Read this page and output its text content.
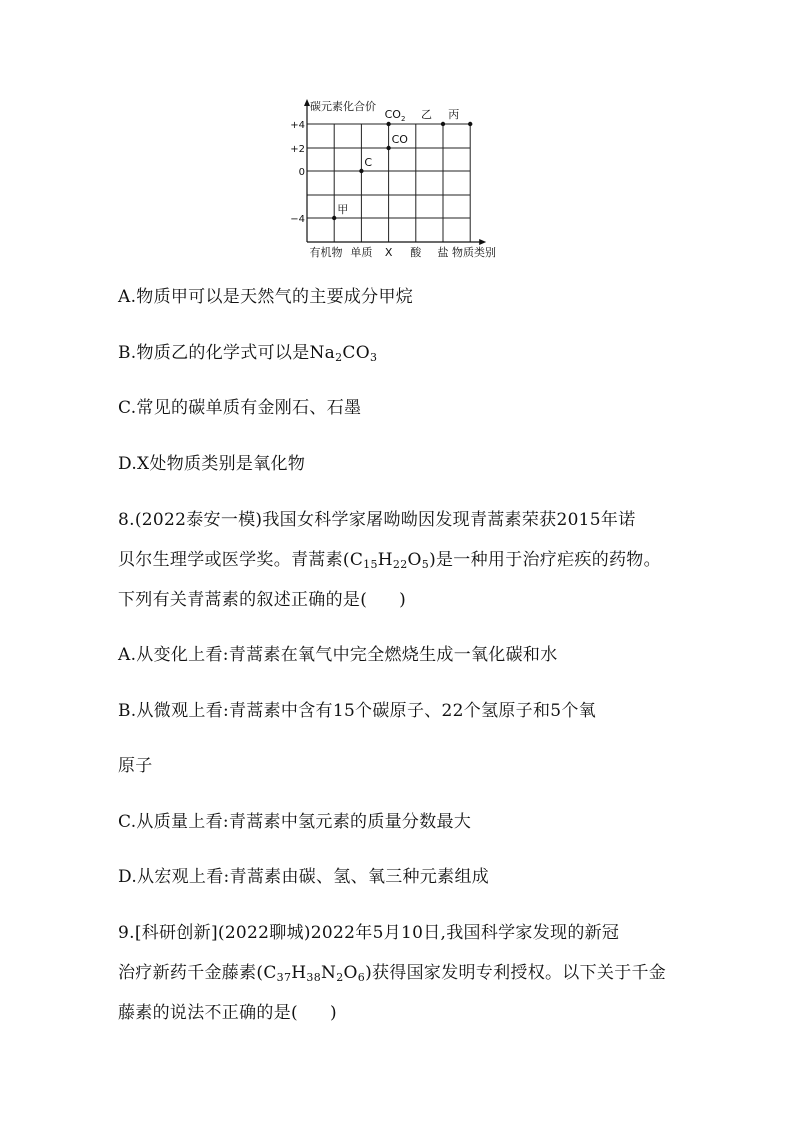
+4
+2
0
−4
有机物 单质 X 酸 盐
甲
C
CO
$CO_2$ 乙 丙
碳元素化合价
物质类别
A.物质甲可以是天然气的主要成分甲烷
B.物质乙的化学式可以是$Na_2CO_3$
C.常见的碳单质有金刚石、石墨
D.X处物质类别是氧化物
8.(2022泰安一模)我国女科学家屠呦呦因发现青蒿素荣获2015年诺
贝尔生理学或医学奖。青蒿素$(C_{15}H_{22}O_5)$是一种用于治疗疟疾的药物。
下列有关青蒿素的叙述正确的是( )
A.从变化上看:青蒿素在氧气中完全燃烧生成一氧化碳和水
B.从微观上看:青蒿素中含有15个碳原子、22个氢原子和5个氧
原子
C.从质量上看:青蒿素中氢元素的质量分数最大
D.从宏观上看:青蒿素由碳、氢、氧三种元素组成
9.[科研创新](2022聊城)2022年5月10日,我国科学家发现的新冠
治疗新药千金藤素$(C_{37}H_{38}N_2O_6)$获得国家发明专利授权。以下关于千金
藤素的说法不正确的是( )
